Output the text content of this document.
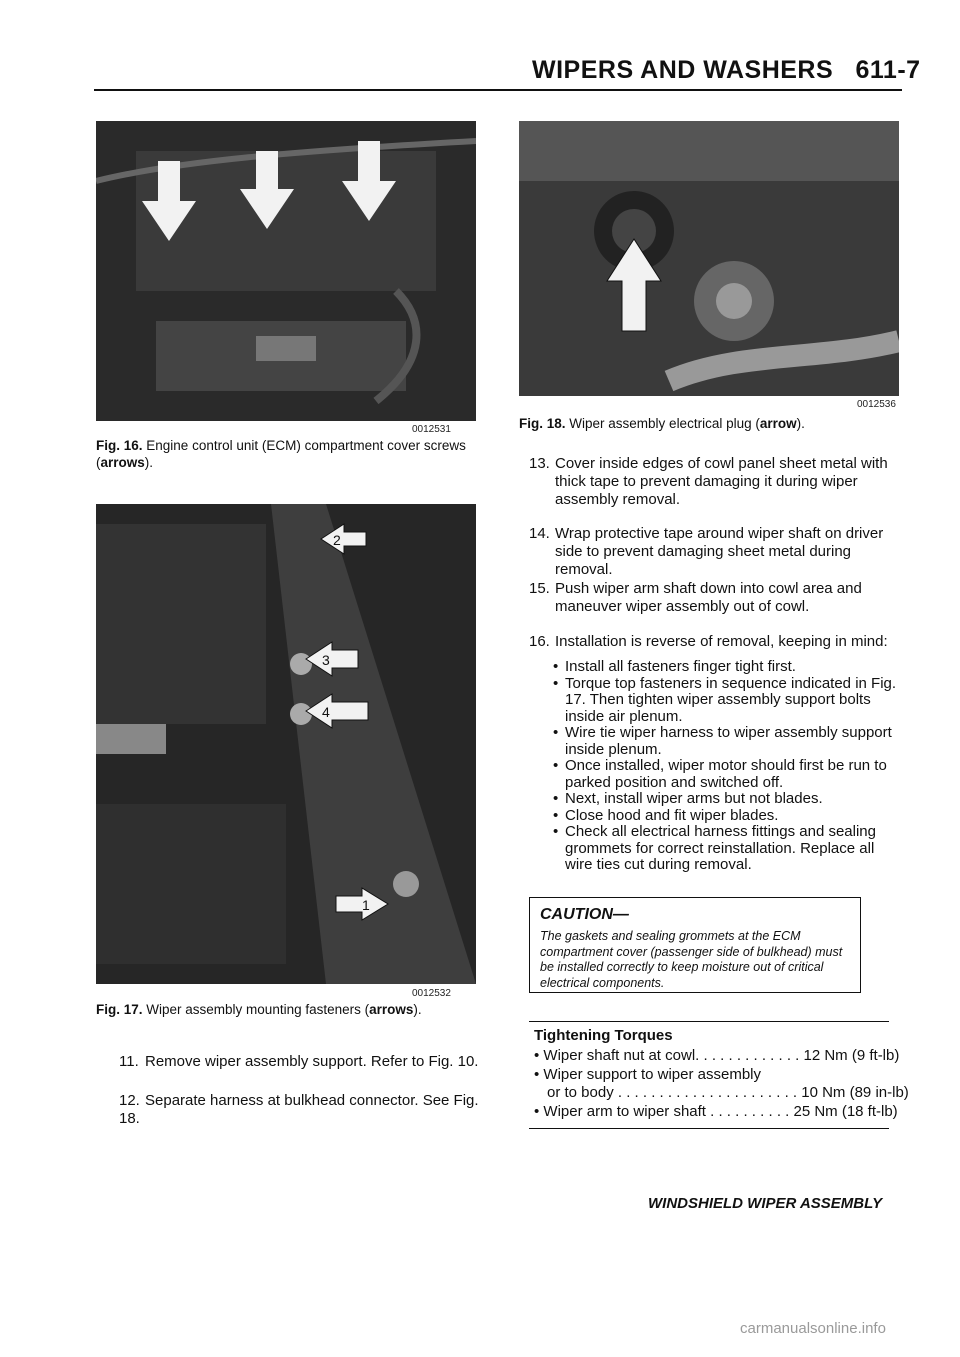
WIPERS AND WASHERS 611-7
0012531
Fig. 16. Engine control unit (ECM) compartment cover screws (arrows).
2
3
4
1
0012532
Fig. 17. Wiper assembly mounting fasteners (arrows).
11. Remove wiper assembly support. Refer to Fig. 10.
12. Separate harness at bulkhead connector. See Fig. 18.
0012536
Fig. 18. Wiper assembly electrical plug (arrow).
13. Cover inside edges of cowl panel sheet metal with thick tape to prevent damaging it during wiper assembly removal.
14. Wrap protective tape around wiper shaft on driver side to prevent damaging sheet metal during removal.
15. Push wiper arm shaft down into cowl area and maneuver wiper assembly out of cowl.
16. Installation is reverse of removal, keeping in mind:
• Install all fasteners finger tight first.
• Torque top fasteners in sequence indicated in Fig. 17. Then tighten wiper assembly support bolts inside air plenum.
• Wire tie wiper harness to wiper assembly support inside plenum.
• Once installed, wiper motor should first be run to parked position and switched off.
• Next, install wiper arms but not blades.
• Close hood and fit wiper blades.
• Check all electrical harness fittings and sealing grommets for correct reinstallation. Replace all wire ties cut during removal.
CAUTION—
The gaskets and sealing grommets at the ECM compartment cover (passenger side of bulkhead) must be installed correctly to keep moisture out of critical electrical components.
Tightening Torques
• Wiper shaft nut at cowl. . . . . . . . . . . . . 12 Nm (9 ft-lb)
• Wiper support to wiper assembly
or to body . . . . . . . . . . . . . . . . . . . . . . 10 Nm (89 in-lb)
• Wiper arm to wiper shaft . . . . . . . . . . 25 Nm (18 ft-lb)
WINDSHIELD WIPER ASSEMBLY
carmanualsonline.info
